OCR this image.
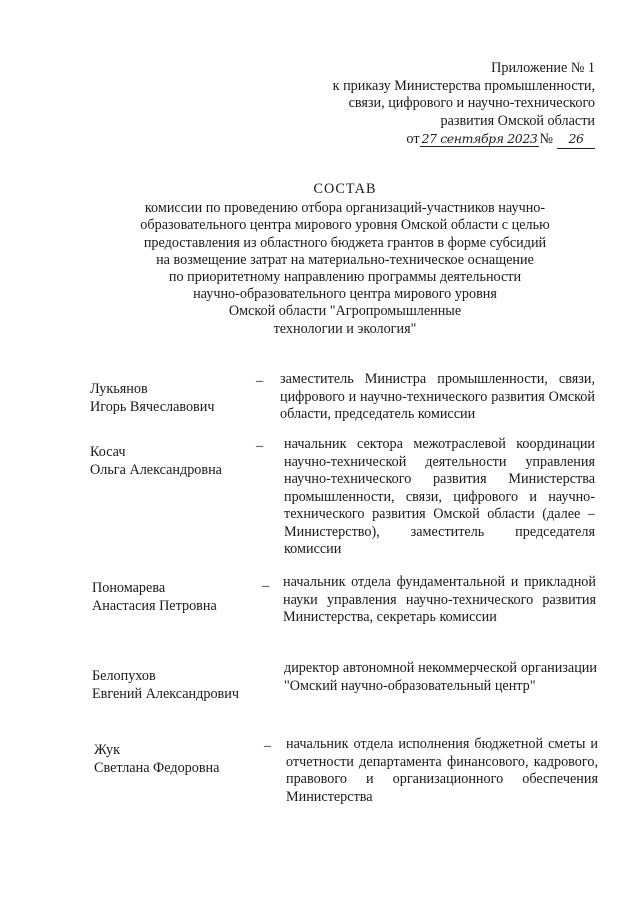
Приложение № 1
к приказу Министерства промышленности,
связи, цифрового и научно-технического
развития Омской области
от 27 сентября 2023 № 26
СОСТАВ
комиссии по проведению отбора организаций-участников научно-
образовательного центра мирового уровня Омской области с целью
предоставления из областного бюджета грантов в форме субсидий
на возмещение затрат на материально-техническое оснащение
по приоритетному направлению программы деятельности
научно-образовательного центра мирового уровня
Омской области "Агропромышленные
технологии и экология"
Лукьянов
Игорь Вячеславович
– заместитель Министра промышленности, связи, цифрового и научно-технического развития Омской области, председатель комиссии
Косач
Ольга Александровна
– начальник сектора межотраслевой координации научно-технической деятельности управления научно-технического развития Министерства промышленности, связи, цифрового и научно-технического развития Омской области (далее – Министерство), заместитель председателя комиссии
Пономарева
Анастасия Петровна
– начальник отдела фундаментальной и прикладной науки управления научно-технического развития Министерства, секретарь комиссии
Белопухов
Евгений Александрович
директор автономной некоммерческой организации "Омский научно-образовательный центр"
Жук
Светлана Федоровна
– начальник отдела исполнения бюджетной сметы и отчетности департамента финансового, кадрового, правового и организационного обеспечения Министерства
